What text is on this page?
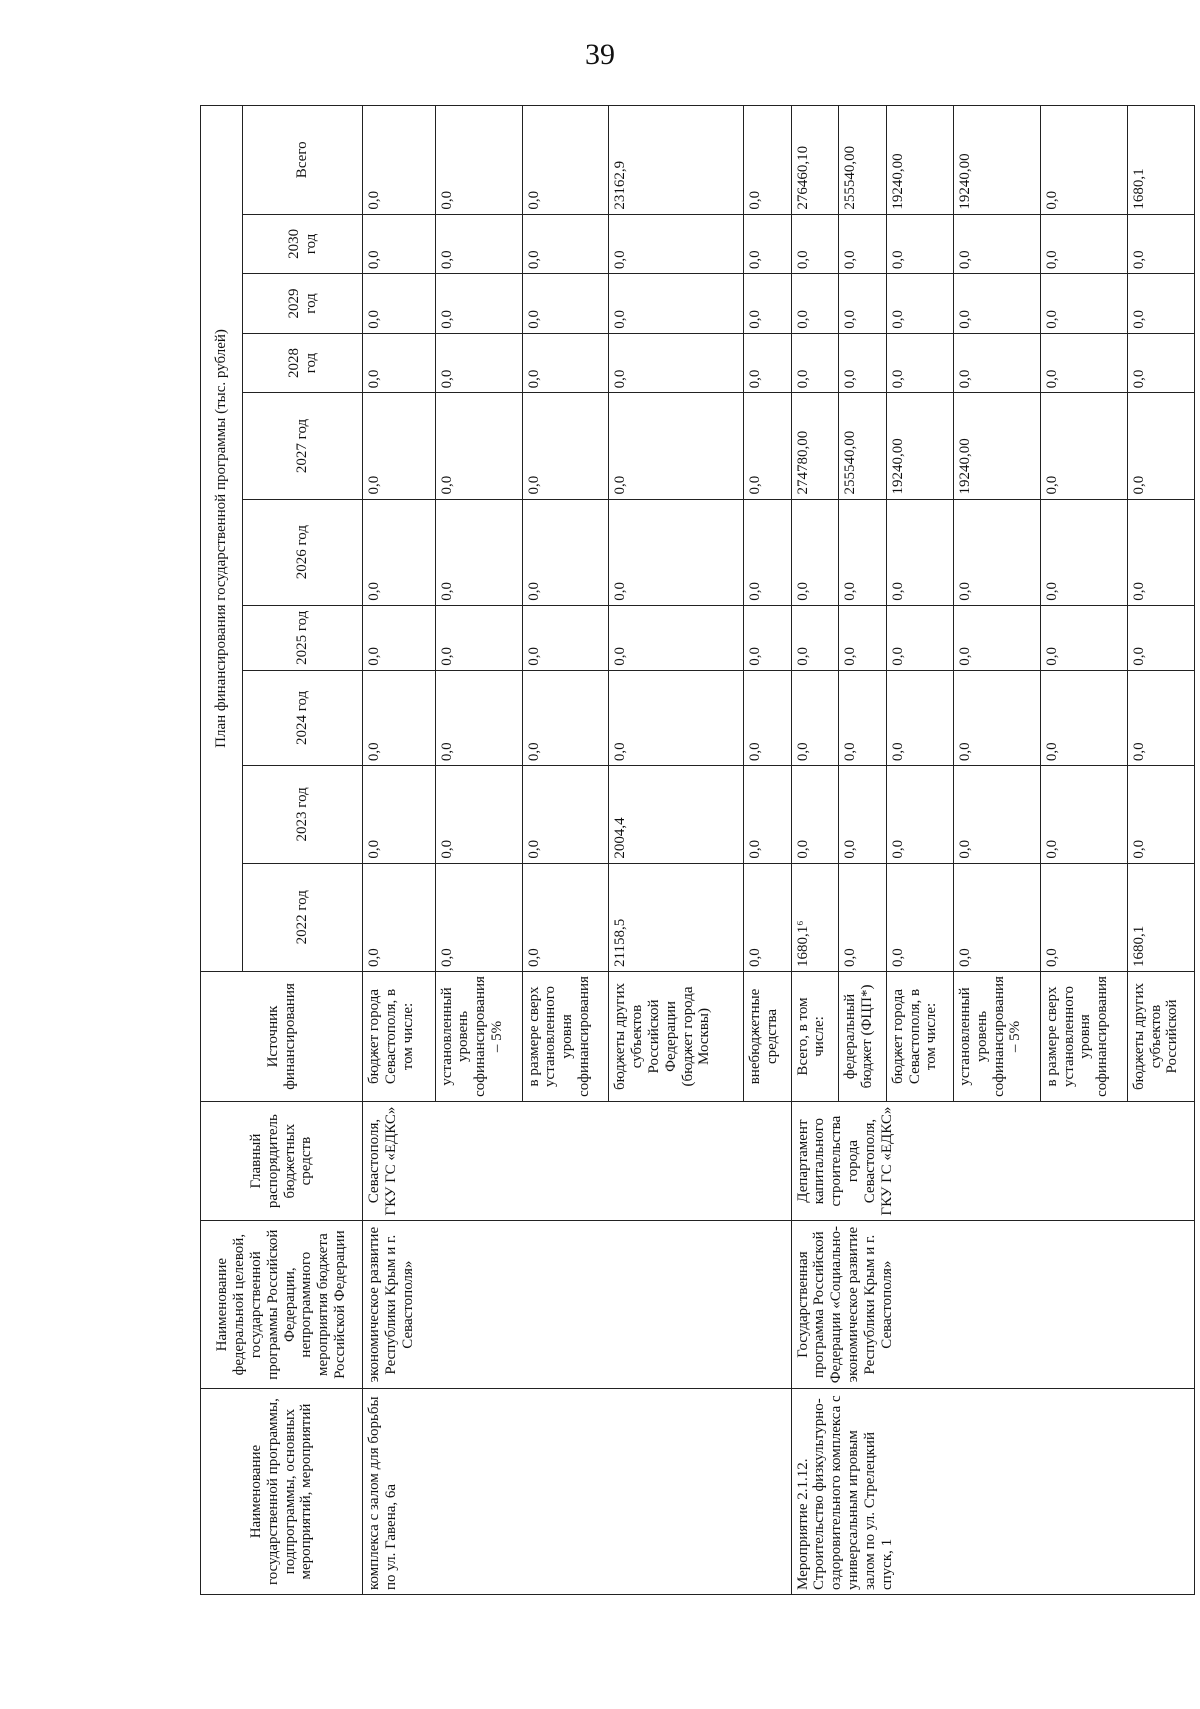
39
Наименование государственной программы, подпрограммы, основных мероприятий, мероприятий	Наименование федеральной целевой, государственной программы Российской Федерации, непрограммного мероприятия бюджета Российской Федерации	Главный распорядитель бюджетных средств	Источник финансирования	План финансирования государственной программы (тыс. рублей)									
				2022 год	2023 год	2024 год	2025 год	2026 год	2027 год	2028 год	2029 год	2030 год	Всего
комплекса с залом для борьбы по ул. Гавена, 6а	экономическое развитие Республики Крым и г. Севастополя»	Севастополя, ГКУ ГС «ЕДКС»	бюджет города Севастополя, в том числе:	0,0	0,0	0,0	0,0	0,0	0,0	0,0	0,0	0,0	0,0
			установленный уровень софинансирования – 5%	0,0	0,0	0,0	0,0	0,0	0,0	0,0	0,0	0,0	0,0
			в размере сверх установленного уровня софинансирования	0,0	0,0	0,0	0,0	0,0	0,0	0,0	0,0	0,0	0,0
			бюджеты других субъектов Российской Федерации (бюджет города Москвы)	21158,5	2004,4	0,0	0,0	0,0	0,0	0,0	0,0	0,0	23162,9
			внебюджетные средства	0,0	0,0	0,0	0,0	0,0	0,0	0,0	0,0	0,0	0,0
Мероприятие 2.1.12. Строительство физкультурно-оздоровительного комплекса с универсальным игровым залом по ул. Стрелецкий спуск, 1	Государственная программа Российской Федерации «Социально-экономическое развитие Республики Крым и г. Севастополя»	Департамент капитального строительства города Севастополя, ГКУ ГС «ЕДКС»	Всего, в том числе:	1680,1⁶	0,0	0,0	0,0	0,0	274780,00	0,0	0,0	0,0	276460,10
			федеральный бюджет (ФЦП*)	0,0	0,0	0,0	0,0	0,0	255540,00	0,0	0,0	0,0	255540,00
			бюджет города Севастополя, в том числе:	0,0	0,0	0,0	0,0	0,0	19240,00	0,0	0,0	0,0	19240,00
			установленный уровень софинансирования – 5%	0,0	0,0	0,0	0,0	0,0	19240,00	0,0	0,0	0,0	19240,00
			в размере сверх установленного уровня софинансирования	0,0	0,0	0,0	0,0	0,0	0,0	0,0	0,0	0,0	0,0
			бюджеты других субъектов Российской	1680,1	0,0	0,0	0,0	0,0	0,0	0,0	0,0	0,0	1680,1
